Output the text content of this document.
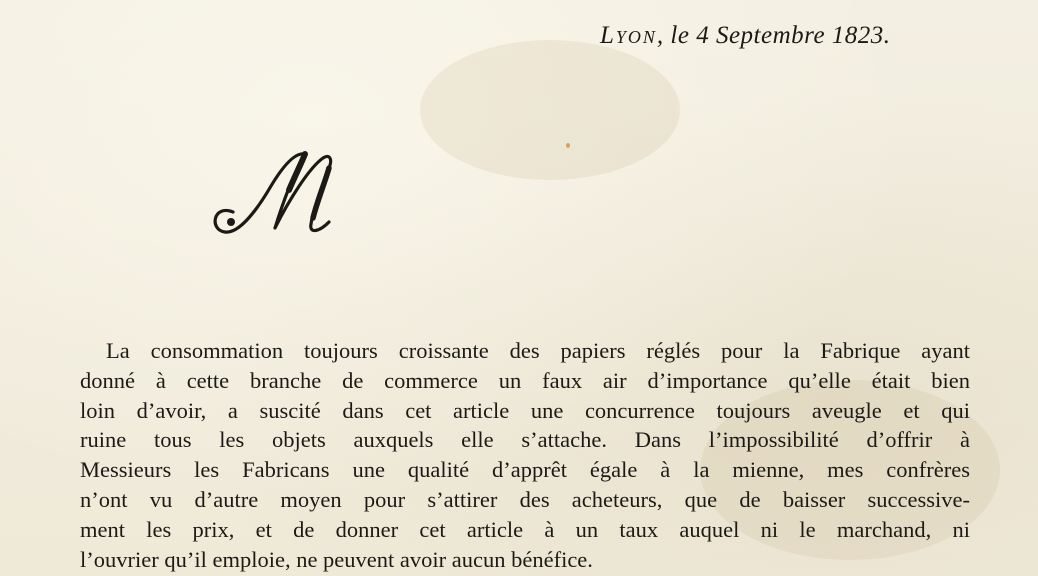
Lyon, le 4 Septembre 1823.
La consommation toujours croissante des papiers réglés pour la Fabrique ayant
donné à cette branche de commerce un faux air d’importance qu’elle était bien
loin d’avoir, a suscité dans cet article une concurrence toujours aveugle et qui
ruine tous les objets auxquels elle s’attache. Dans l’impossibilité d’offrir à
Messieurs les Fabricans une qualité d’apprêt égale à la mienne, mes confrères
n’ont vu d’autre moyen pour s’attirer des acheteurs, que de baisser successive-
ment les prix, et de donner cet article à un taux auquel ni le marchand, ni
l’ouvrier qu’il emploie, ne peuvent avoir aucun bénéfice.
